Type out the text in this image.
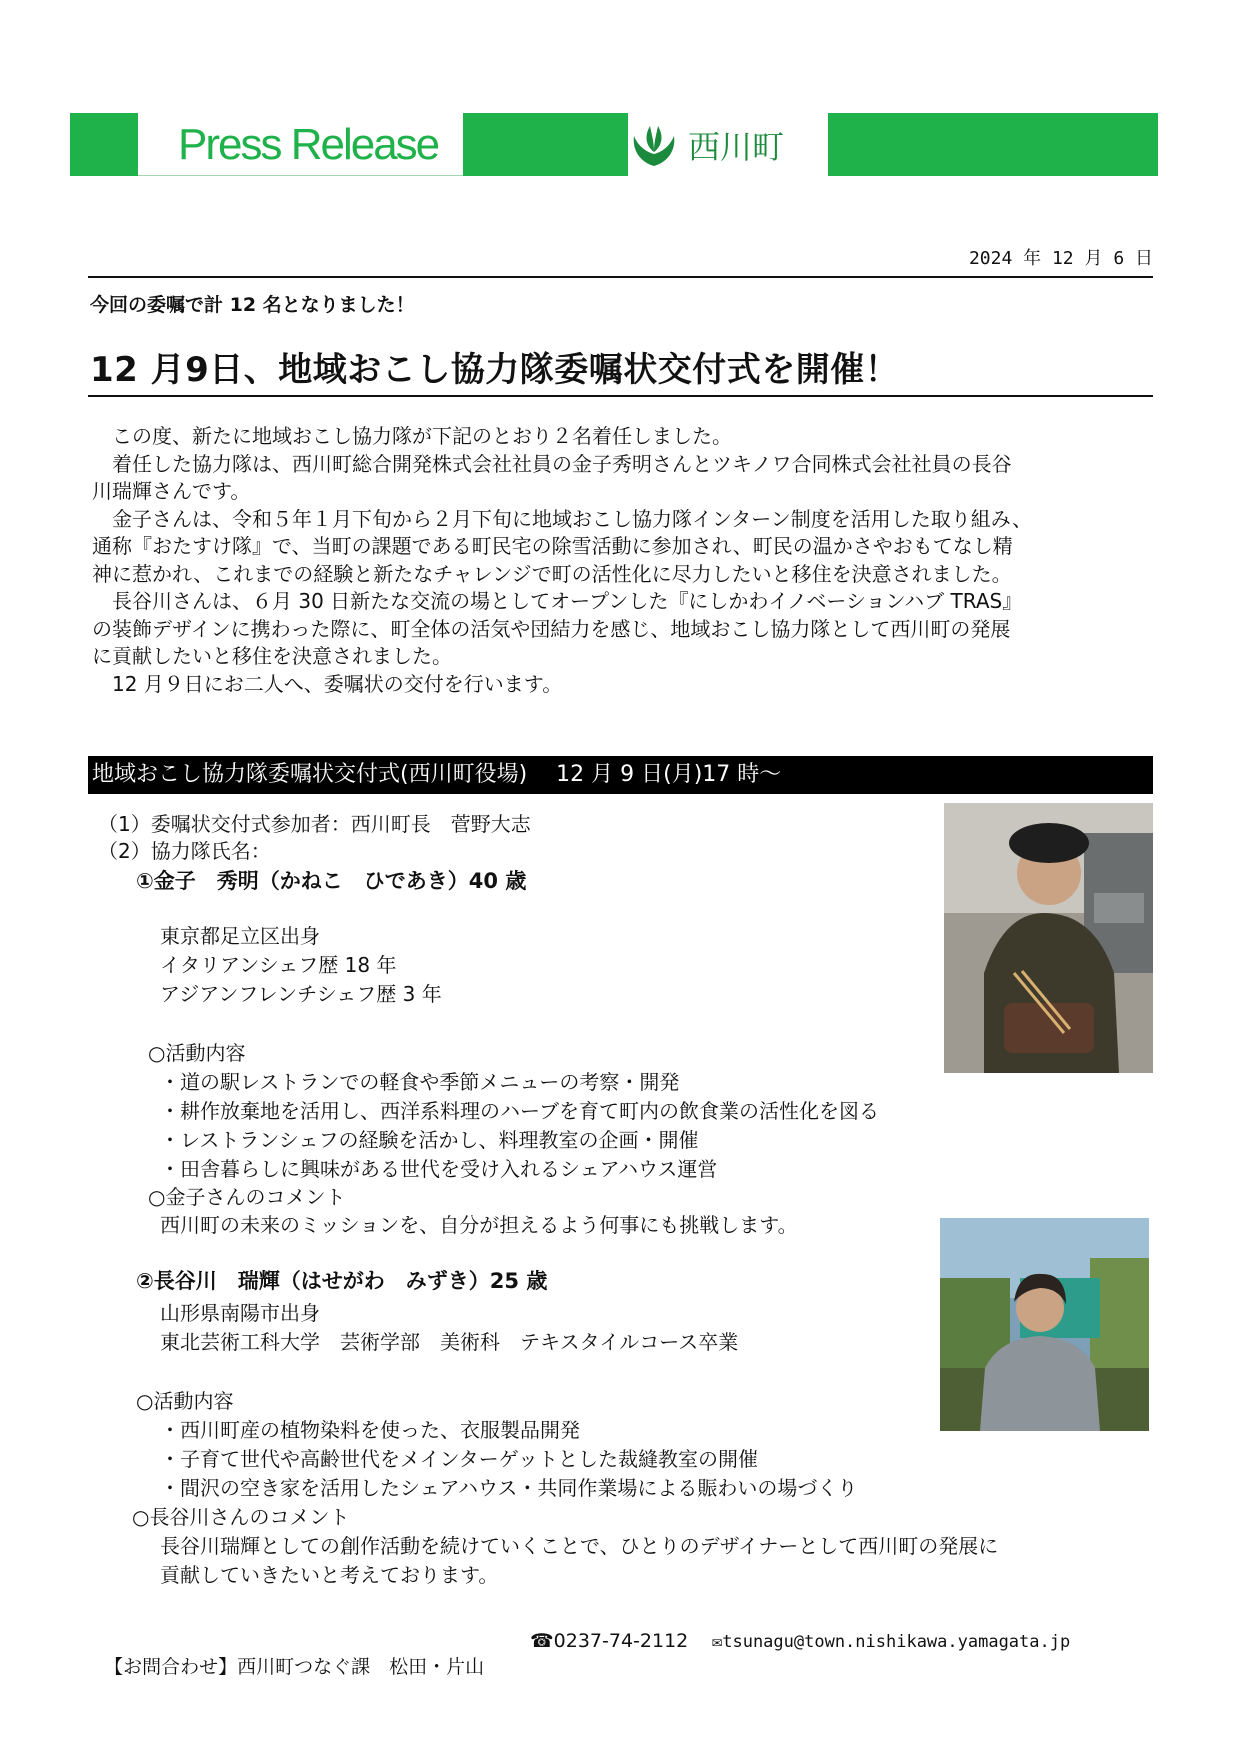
Press Release	西川町
2024 年 12 月 6 日
今回の委嘱で計 12 名となりました！
12 月9日、地域おこし協力隊委嘱状交付式を開催！

　この度、新たに地域おこし協力隊が下記のとおり２名着任しました。

　着任した協力隊は、西川町総合開発株式会社社員の金子秀明さんとツキノワ合同株式会社社員の長谷

川瑞輝さんです。

　金子さんは、令和５年１月下旬から２月下旬に地域おこし協力隊インターン制度を活用した取り組み、

通称『おたすけ隊』で、当町の課題である町民宅の除雪活動に参加され、町民の温かさやおもてなし精

神に惹かれ、これまでの経験と新たなチャレンジで町の活性化に尽力したいと移住を決意されました。

　長谷川さんは、６月 30 日新たな交流の場としてオープンした『にしかわイノベーションハブ TRAS』

の装飾デザインに携わった際に、町全体の活気や団結力を感じ、地域おこし協力隊として西川町の発展

に貢献したいと移住を決意されました。

　12 月９日にお二人へ、委嘱状の交付を行います。

地域おこし協力隊委嘱状交付式(西川町役場)　 12 月 9 日(月)17 時～
（1）委嘱状交付式参加者：西川町長　菅野大志
（2）協力隊氏名：
①金子　秀明（かねこ　ひであき）40 歳
東京都足立区出身
イタリアンシェフ歴 18 年
アジアンフレンチシェフ歴 3 年
○活動内容
・道の駅レストランでの軽食や季節メニューの考察・開発
・耕作放棄地を活用し、西洋系料理のハーブを育て町内の飲食業の活性化を図る
・レストランシェフの経験を活かし、料理教室の企画・開催
・田舎暮らしに興味がある世代を受け入れるシェアハウス運営
○金子さんのコメント
西川町の未来のミッションを、自分が担えるよう何事にも挑戦します。
②長谷川　瑞輝（はせがわ　みずき）25 歳
山形県南陽市出身
東北芸術工科大学　芸術学部　美術科　テキスタイルコース卒業
○活動内容
・西川町産の植物染料を使った、衣服製品開発
・子育て世代や高齢世代をメインターゲットとした裁縫教室の開催
・間沢の空き家を活用したシェアハウス・共同作業場による賑わいの場づくり
○長谷川さんのコメント
長谷川瑞輝としての創作活動を続けていくことで、ひとりのデザイナーとして西川町の発展に
貢献していきたいと考えております。

【お問合わせ】西川町つなぐ課　松田・片山

☎0237-74-2112 ✉tsunagu@town.nishikawa.yamagata.jp
